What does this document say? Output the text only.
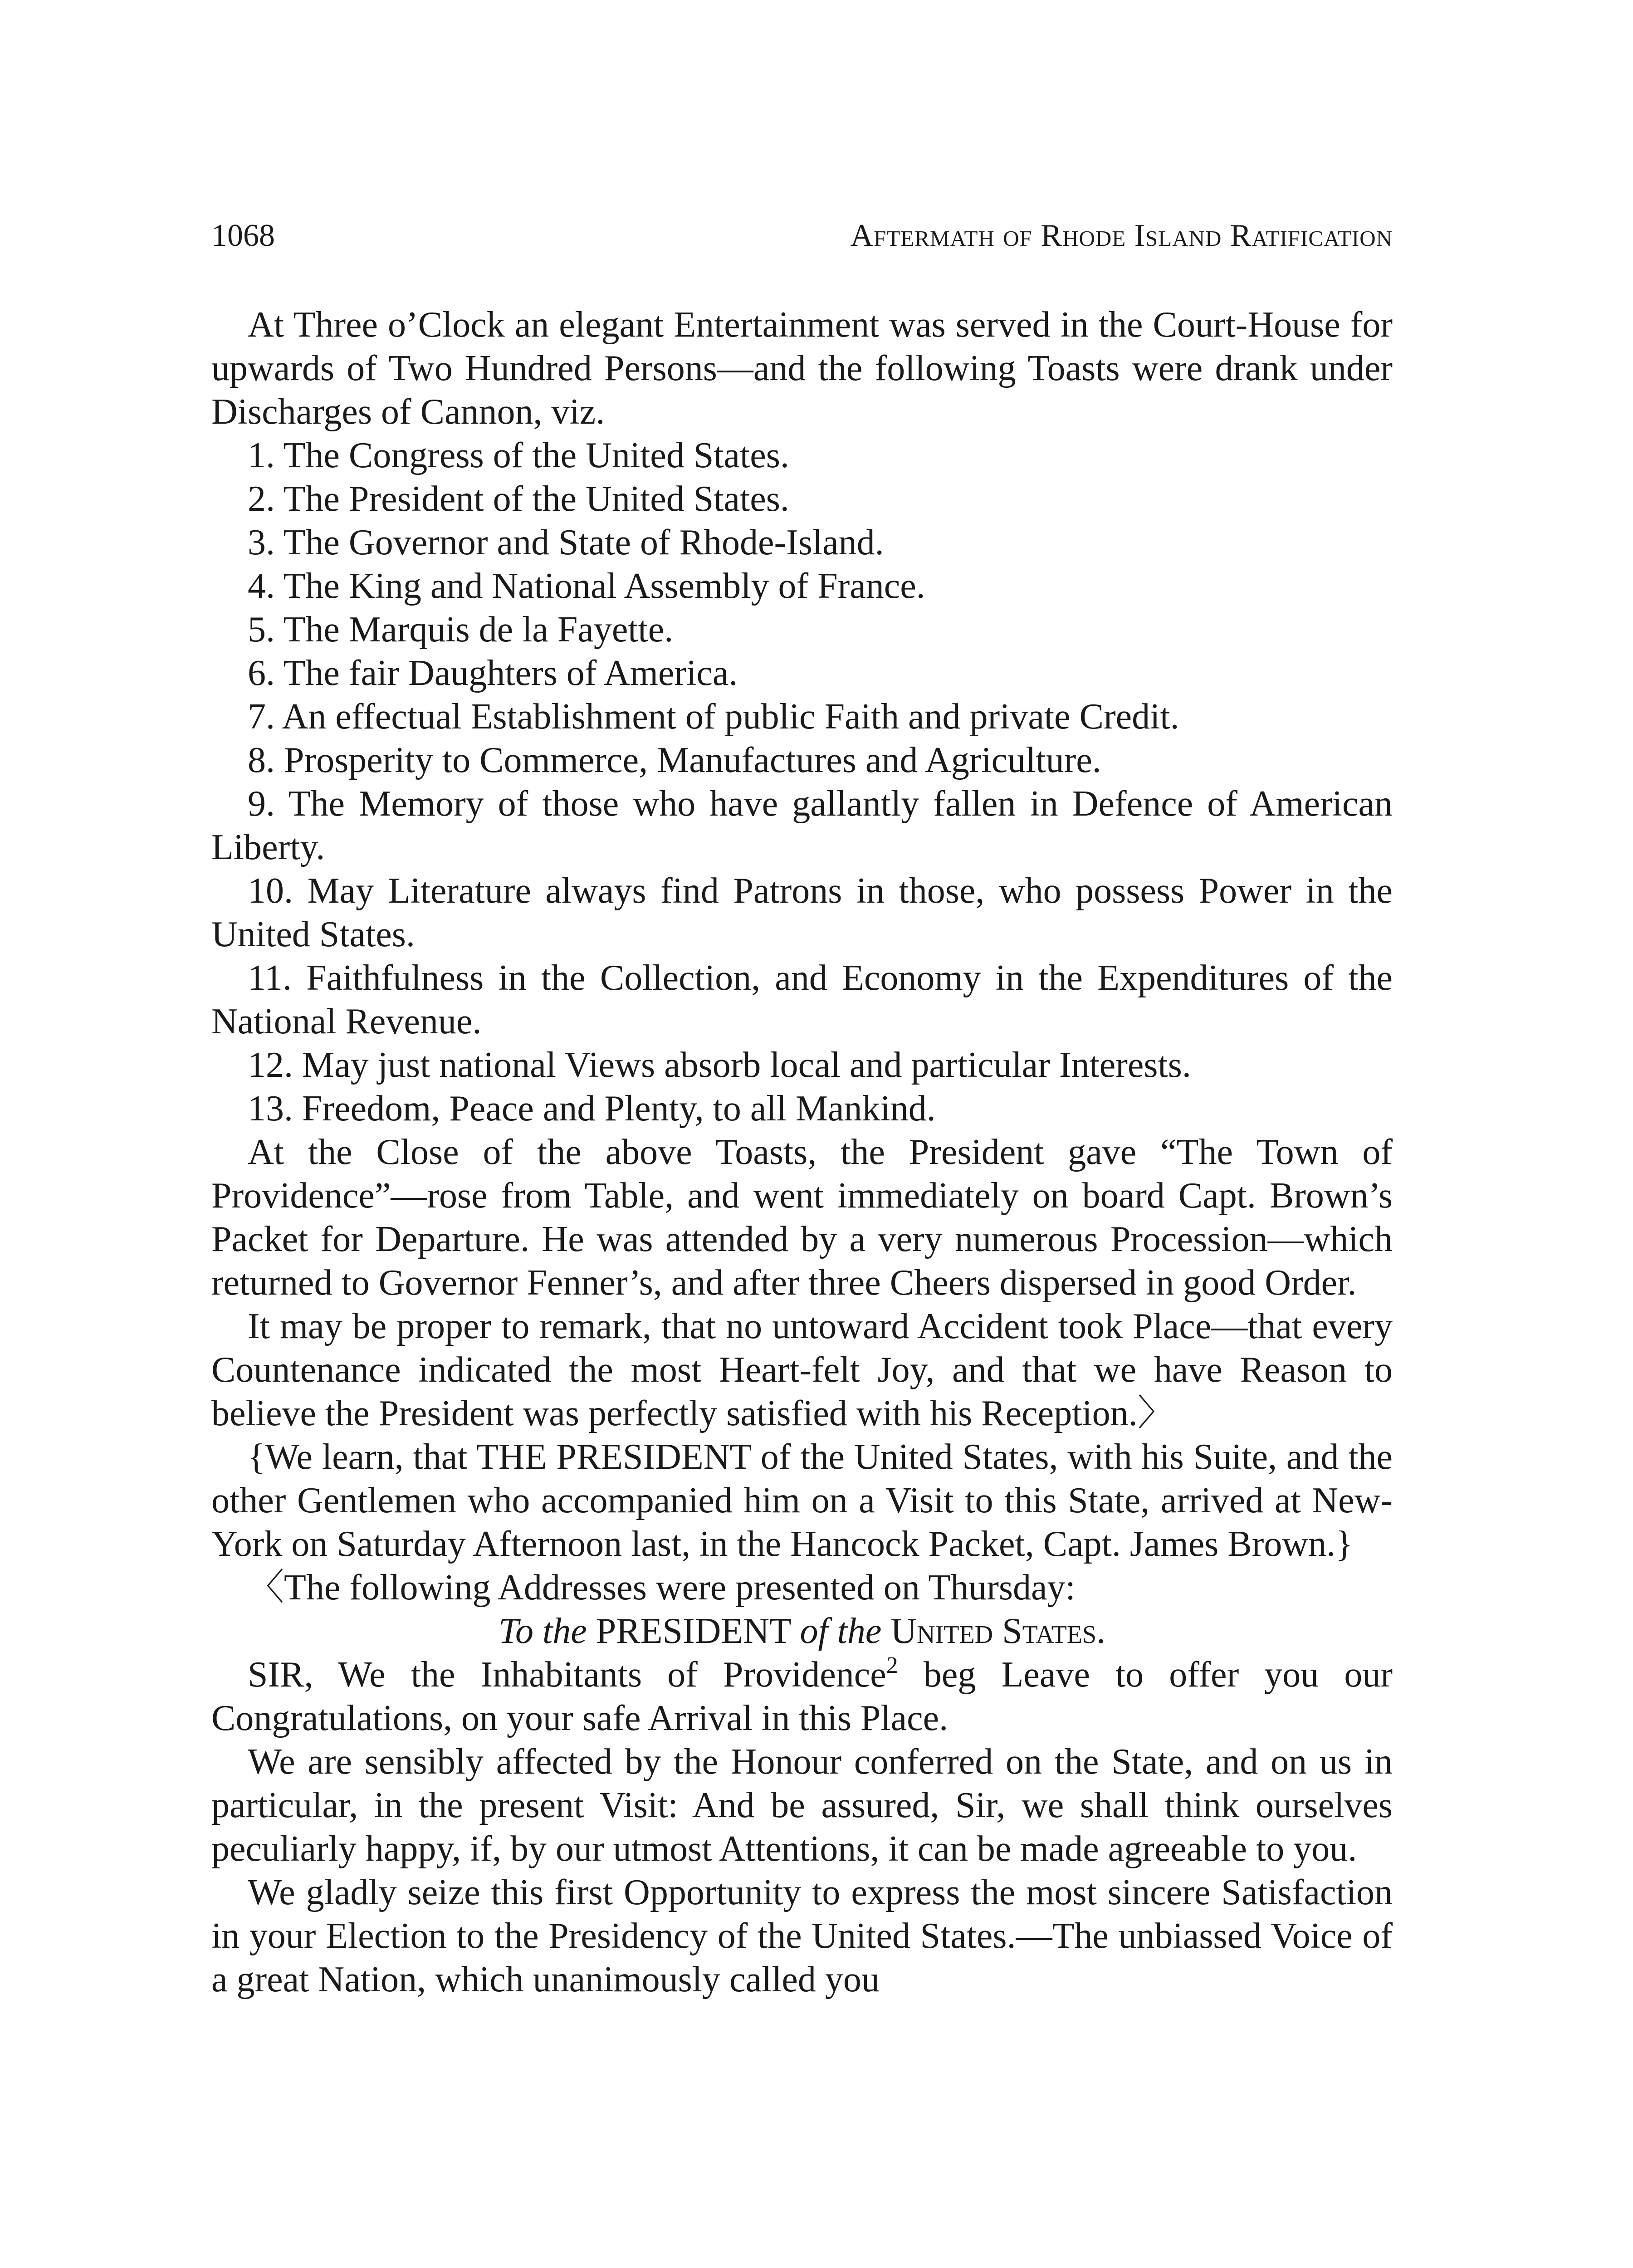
1068	Aftermath of Rhode Island Ratification

At Three o’Clock an elegant Entertainment was served in the Court-House for upwards of Two Hundred Persons—and the following Toasts were drank under Discharges of Cannon, viz.

1. The Congress of the United States.

2. The President of the United States.

3. The Governor and State of Rhode-Island.

4. The King and National Assembly of France.

5. The Marquis de la Fayette.

6. The fair Daughters of America.

7. An effectual Establishment of public Faith and private Credit.

8. Prosperity to Commerce, Manufactures and Agriculture.

9. The Memory of those who have gallantly fallen in Defence of American Liberty.

10. May Literature always find Patrons in those, who possess Power in the United States.

11. Faithfulness in the Collection, and Economy in the Expenditures of the National Revenue.

12. May just national Views absorb local and particular Interests.

13. Freedom, Peace and Plenty, to all Mankind.

At the Close of the above Toasts, the President gave “The Town of Providence”—rose from Table, and went immediately on board Capt. Brown’s Packet for Departure. He was attended by a very numerous Procession—which returned to Governor Fenner’s, and after three Cheers dispersed in good Order.

It may be proper to remark, that no untoward Accident took Place—that every Countenance indicated the most Heart-felt Joy, and that we have Reason to believe the President was perfectly satisfied with his Reception.〉

{We learn, that THE PRESIDENT of the United States, with his Suite, and the other Gentlemen who accompanied him on a Visit to this State, arrived at New-York on Saturday Afternoon last, in the Hancock Packet, Capt. James Brown.}

〈The following Addresses were presented on Thursday:

To the PRESIDENT of the United States.

SIR, We the Inhabitants of Providence$^2$ beg Leave to offer you our Congratulations, on your safe Arrival in this Place.

We are sensibly affected by the Honour conferred on the State, and on us in particular, in the present Visit: And be assured, Sir, we shall think ourselves peculiarly happy, if, by our utmost Attentions, it can be made agreeable to you.

We gladly seize this first Opportunity to express the most sincere Satisfaction in your Election to the Presidency of the United States.—The unbiassed Voice of a great Nation, which unanimously called you
